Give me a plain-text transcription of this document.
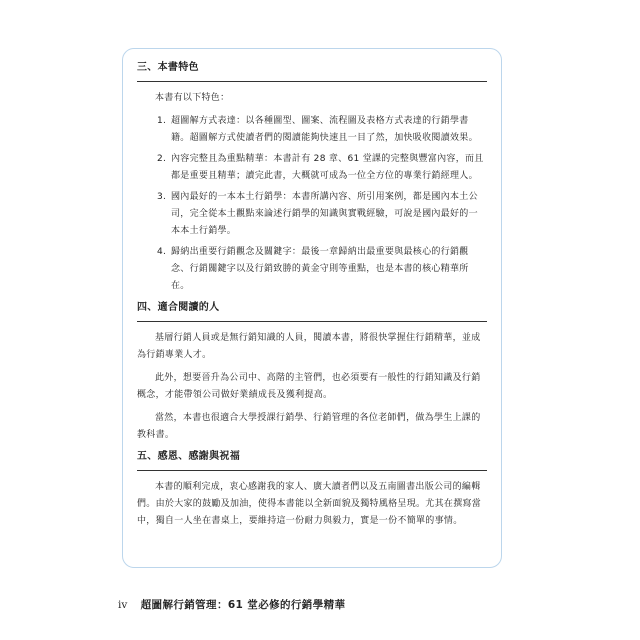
三、本書特色
本書有以下特色：
1. 超圖解方式表達：以各種圖型、圖案、流程圖及表格方式表達的行銷學書籍。超圖解方式使讀者們的閱讀能夠快速且一目了然，加快吸收閱讀效果。
2. 內容完整且為重點精華：本書計有 28 章、61 堂課的完整與豐富內容，而且都是重要且精華；讀完此書，大概就可成為一位全方位的專業行銷經理人。
3. 國內最好的一本本土行銷學：本書所講內容、所引用案例，都是國內本土公司，完全從本土觀點來論述行銷學的知識與實戰經驗，可說是國內最好的一本本土行銷學。
4. 歸納出重要行銷觀念及關鍵字：最後一章歸納出最重要與最核心的行銷觀念、行銷關鍵字以及行銷致勝的黃金守則等重點，也是本書的核心精華所在。
四、適合閱讀的人
基層行銷人員或是無行銷知識的人員，閱讀本書，將很快掌握住行銷精華，並成為行銷專業人才。
此外，想要晉升為公司中、高階的主管們，也必須要有一般性的行銷知識及行銷概念，才能帶領公司做好業績成長及獲利提高。
當然，本書也很適合大學授課行銷學、行銷管理的各位老師們，做為學生上課的教科書。
五、感恩、感謝與祝福
本書的順利完成，衷心感謝我的家人、廣大讀者們以及五南圖書出版公司的編輯們。由於大家的鼓勵及加油，使得本書能以全新面貌及獨特風格呈現。尤其在撰寫當中，獨自一人坐在書桌上，要維持這一份耐力與毅力，實是一份不簡單的事情。
iv 超圖解行銷管理：61 堂必修的行銷學精華
